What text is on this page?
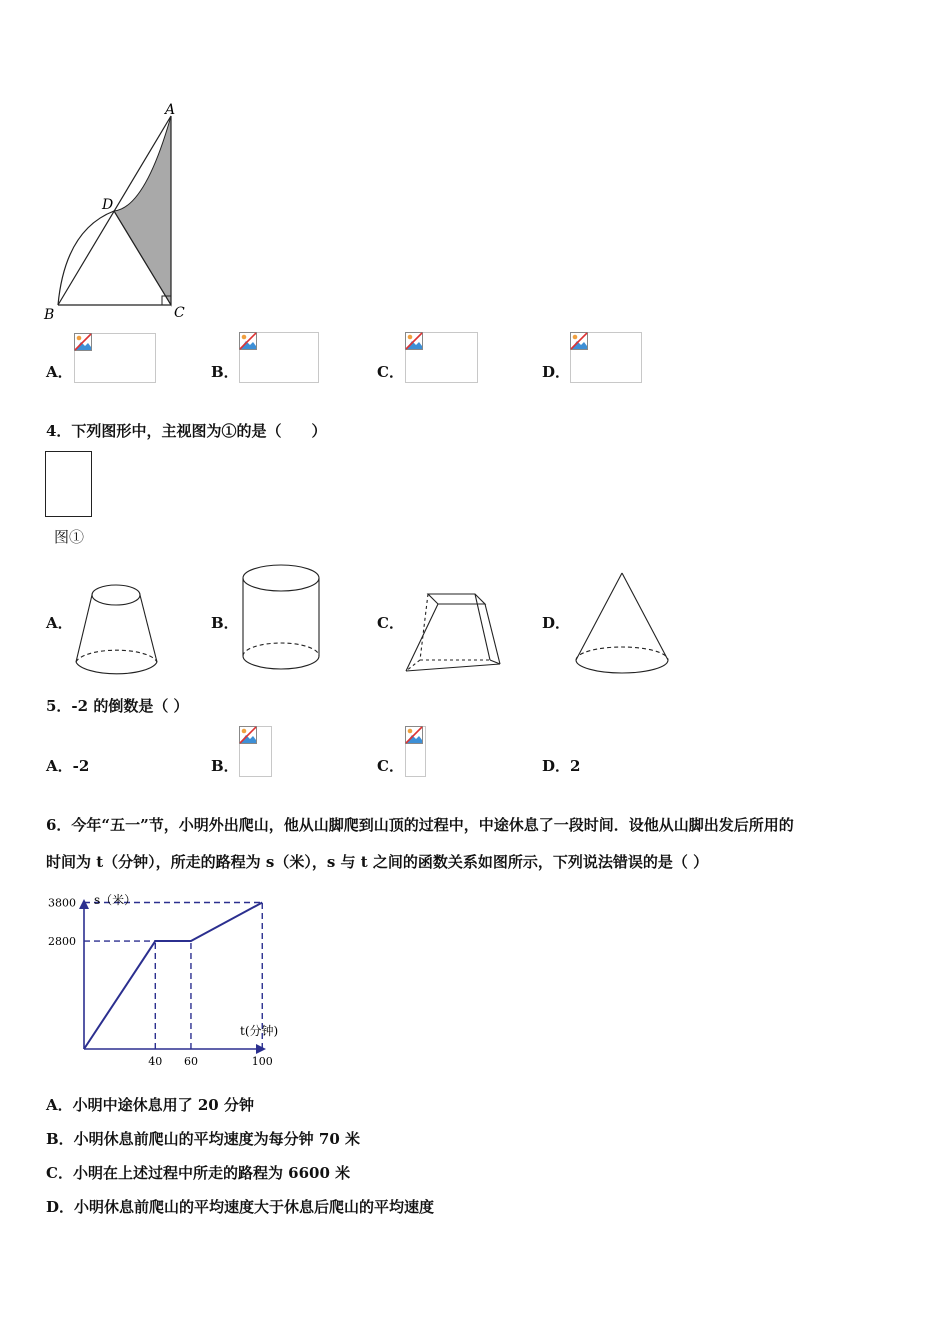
A
D
B	C
A．	B．	C．	D．
4．下列图形中，主视图为①的是（　　）
图①
A．	B．	C．	D．
5．-2 的倒数是（ ）
A．-2	B．	C．	D．2
6．今年“五一”节，小明外出爬山，他从山脚爬到山顶的过程中，中途休息了一段时间．设他从山脚出发后所用的
时间为 t（分钟），所走的路程为 s（米），s 与 t 之间的函数关系如图所示，下列说法错误的是（ ）
2800
3800
40 60	100
s（米）
t(分钟)
A．小明中途休息用了 20 分钟
B．小明休息前爬山的平均速度为每分钟 70 米
C．小明在上述过程中所走的路程为 6600 米
D．小明休息前爬山的平均速度大于休息后爬山的平均速度
